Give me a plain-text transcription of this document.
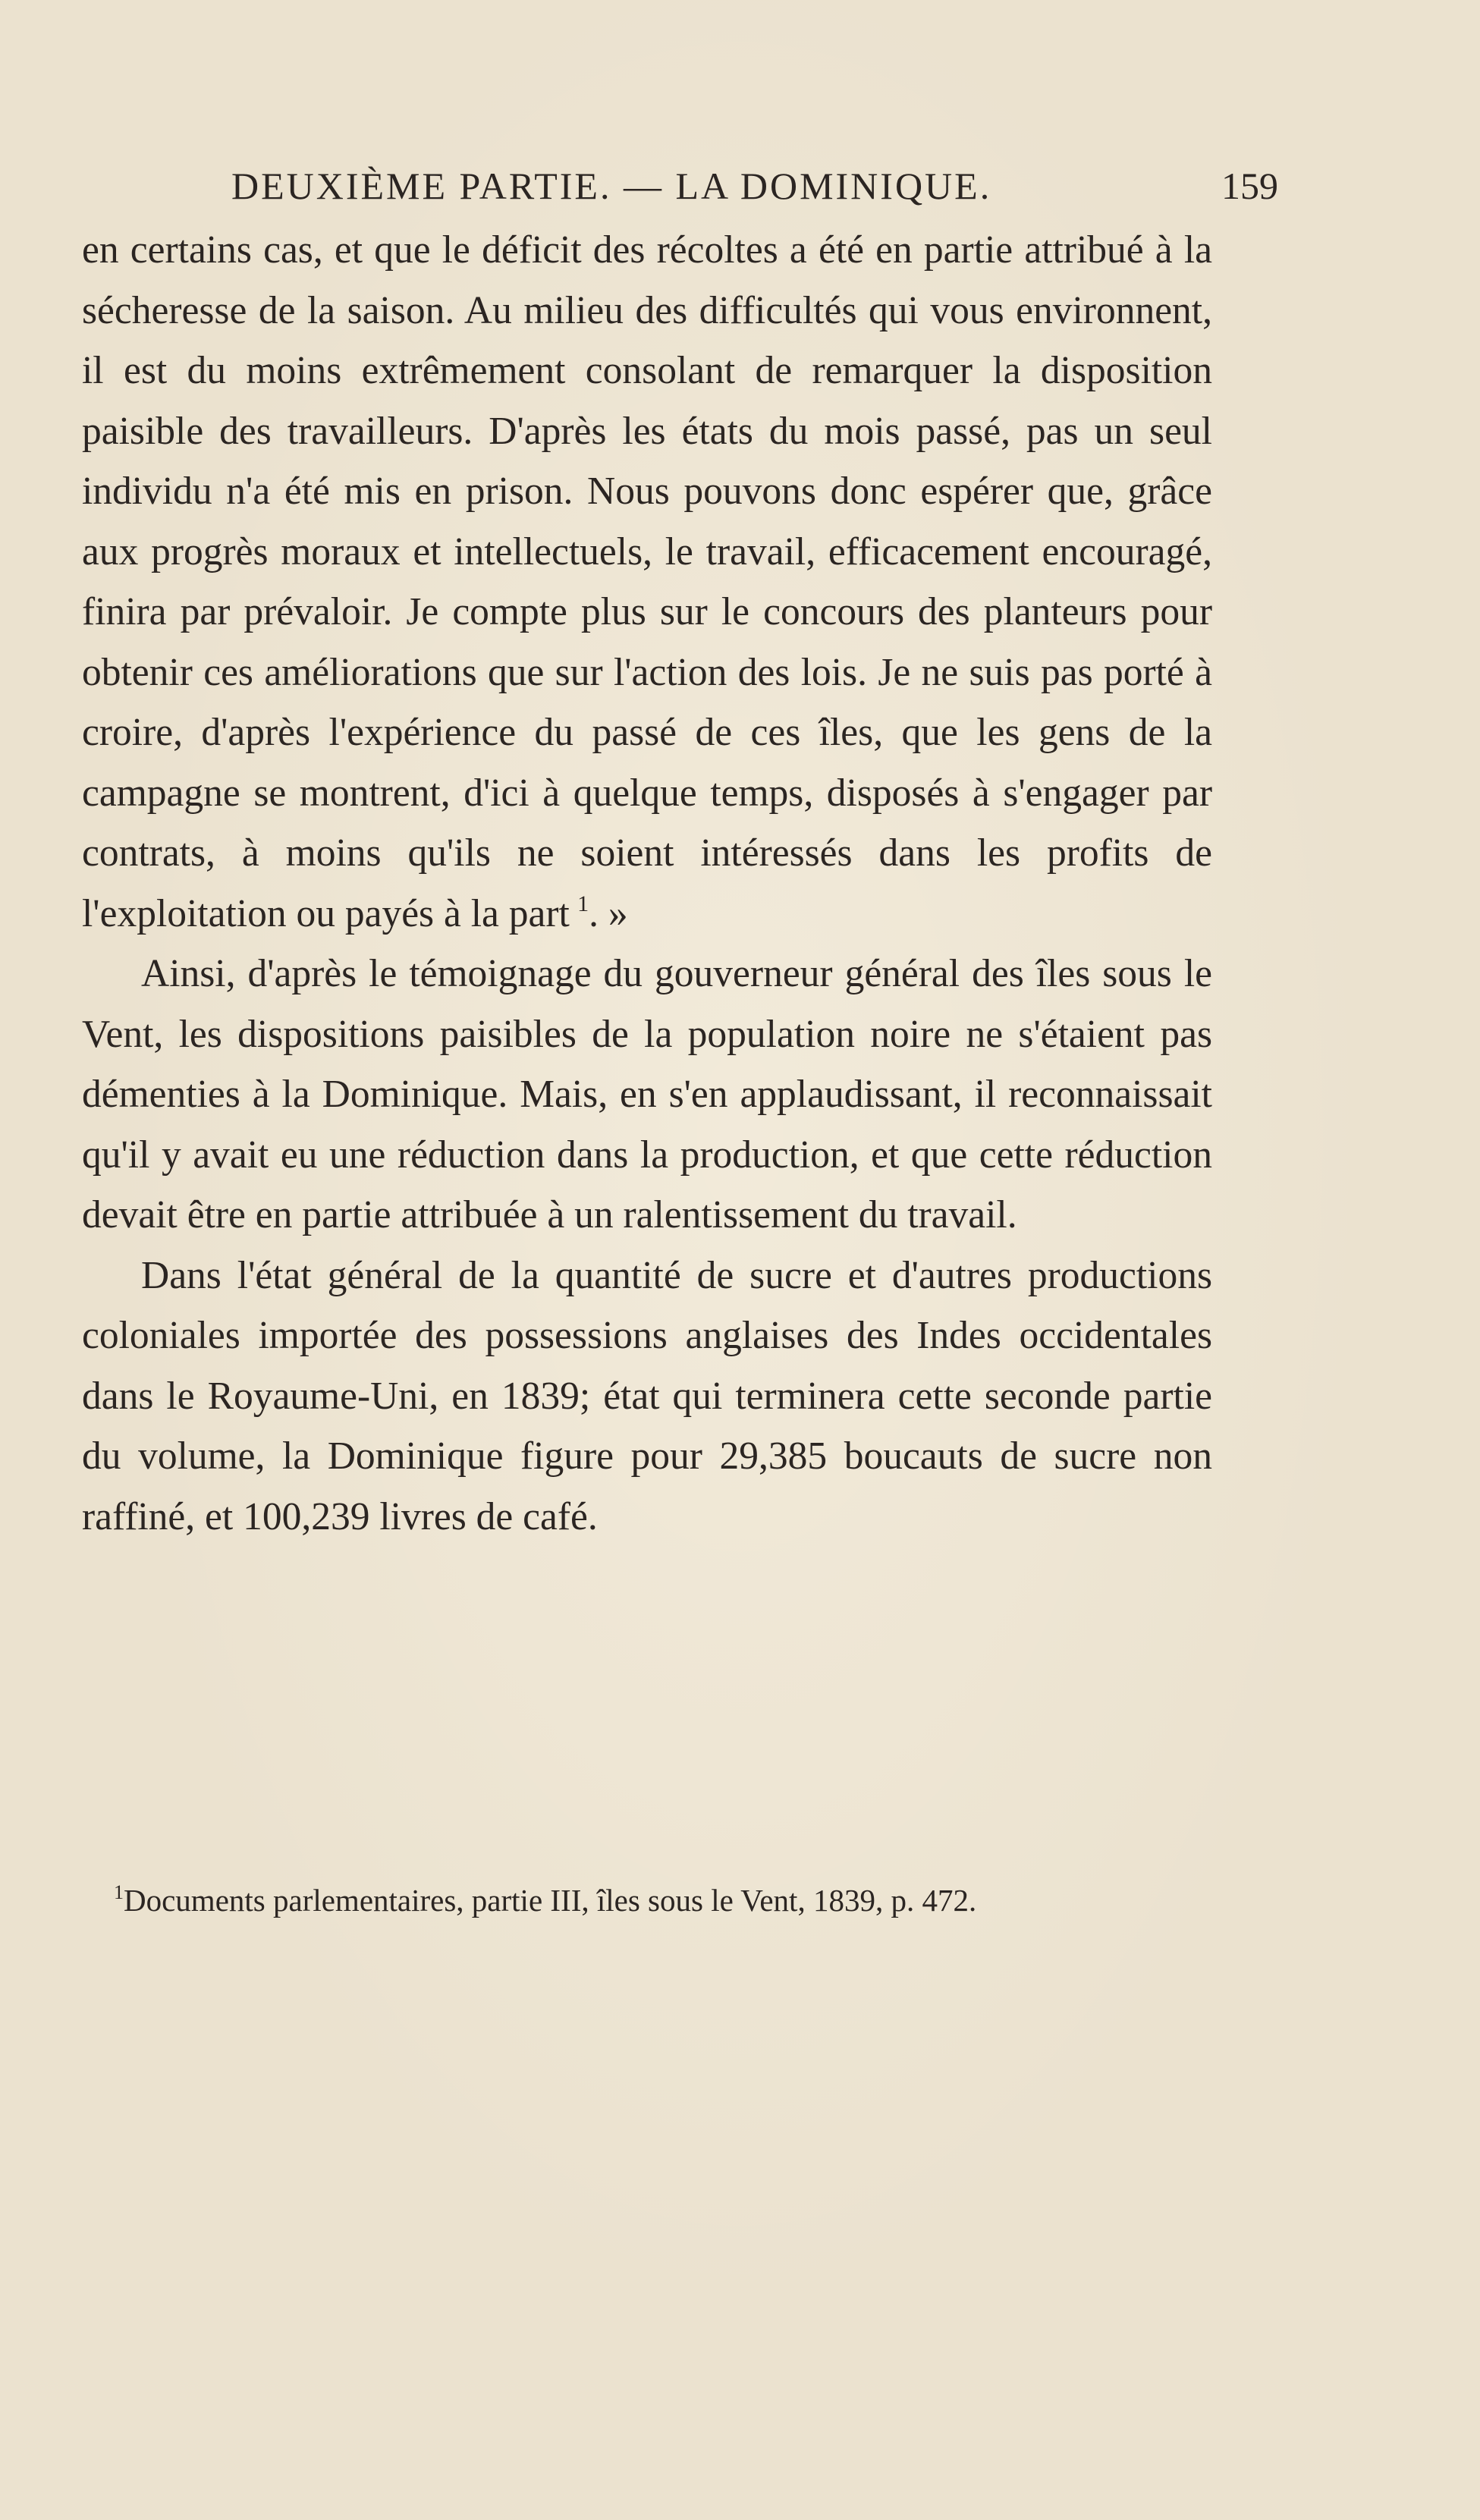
DEUXIÈME PARTIE. — LA DOMINIQUE.	159

en certains cas, et que le déficit des récoltes a été en partie attribué à la sécheresse de la saison. Au milieu des difficultés qui vous environnent, il est du moins extrêmement consolant de remarquer la disposition paisible des travailleurs. D'après les états du mois passé, pas un seul individu n'a été mis en prison. Nous pouvons donc espérer que, grâce aux progrès moraux et intellectuels, le travail, efficacement encouragé, finira par prévaloir. Je compte plus sur le concours des planteurs pour obtenir ces améliorations que sur l'action des lois. Je ne suis pas porté à croire, d'après l'expérience du passé de ces îles, que les gens de la campagne se montrent, d'ici à quelque temps, disposés à s'engager par contrats, à moins qu'ils ne soient intéressés dans les profits de l'exploitation ou payés à la part  $^1$. »

Ainsi, d'après le témoignage du gouverneur général des îles sous le Vent, les dispositions paisibles de la population noire ne s'étaient pas démenties à la Dominique. Mais, en s'en applaudissant, il reconnaissait qu'il y avait eu une réduction dans la production, et que cette réduction devait être en partie attribuée à un ralentissement du travail.

Dans l'état général de la quantité de sucre et d'autres productions coloniales importée des possessions anglaises des Indes occidentales dans le Royaume-Uni, en 1839; état qui terminera cette seconde partie du volume, la Dominique figure pour 29,385 boucauts de sucre non raffiné, et 100,239 livres de café.

$^1$Documents parlementaires, partie III, îles sous le Vent, 1839, p. 472.
